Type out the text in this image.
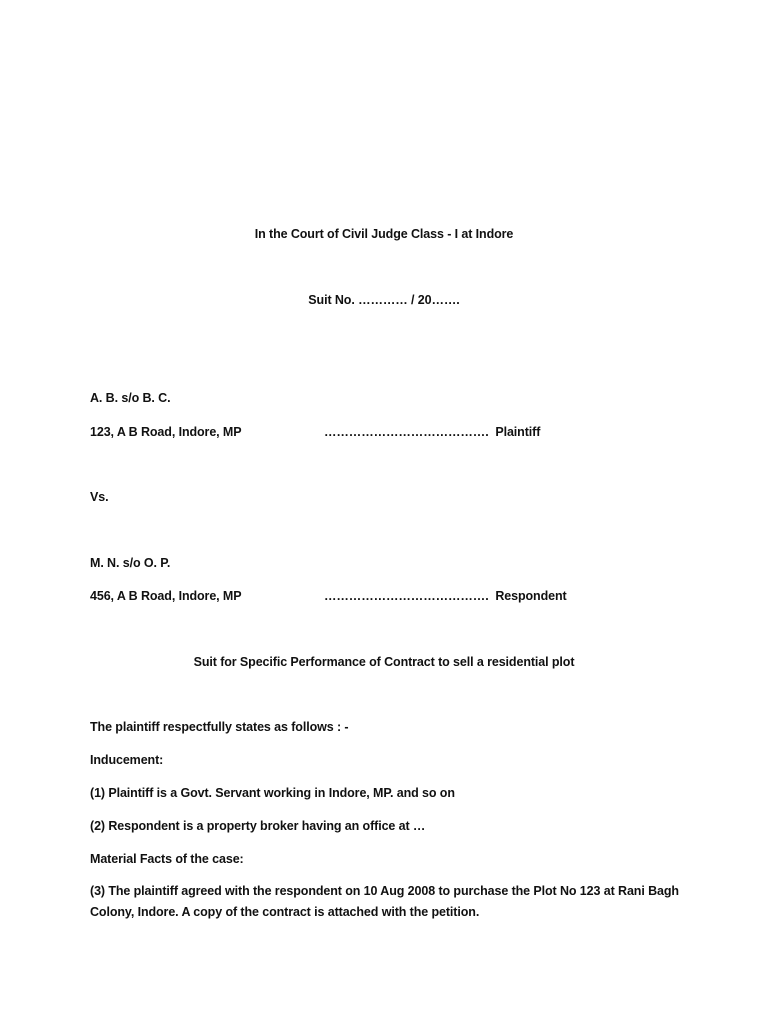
In the Court of Civil Judge Class - I at Indore
Suit No. ………… / 20…….
A. B. s/o B. C.
123, A B Road, Indore, MP	…………………………………. Plaintiff
Vs.
M. N. s/o O. P.
456, A B Road, Indore, MP	…………………………………. Respondent
Suit for Specific Performance of Contract to sell a residential plot
The plaintiff respectfully states as follows : -
Inducement:
(1) Plaintiff is a Govt. Servant working in Indore, MP. and so on
(2) Respondent is a property broker having an office at …
Material Facts of the case:
(3) The plaintiff agreed with the respondent on 10 Aug 2008 to purchase the Plot No 123 at Rani Bagh Colony, Indore. A copy of the contract is attached with the petition.
